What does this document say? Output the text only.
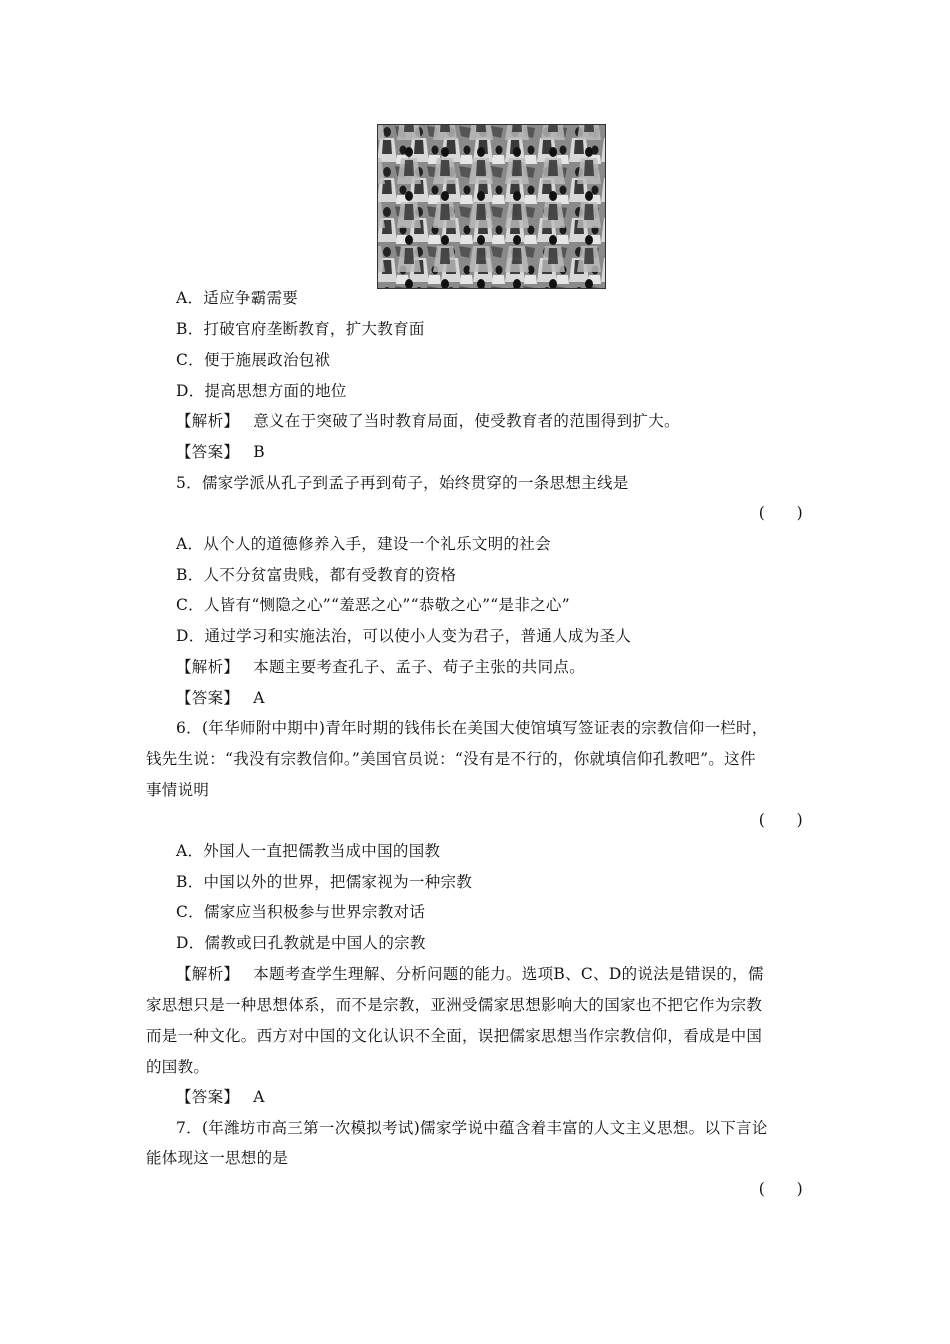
A．适应争霸需要
B．打破官府垄断教育，扩大教育面
C．便于施展政治包袱
D．提高思想方面的地位
【解析】 意义在于突破了当时教育局面，使受教育者的范围得到扩大。
【答案】 B
5．儒家学派从孔子到孟子再到荀子，始终贯穿的一条思想主线是
(　　)
A．从个人的道德修养入手，建设一个礼乐文明的社会
B．人不分贫富贵贱，都有受教育的资格
C．人皆有“恻隐之心”“羞恶之心”“恭敬之心”“是非之心”
D．通过学习和实施法治，可以使小人变为君子，普通人成为圣人
【解析】 本题主要考查孔子、孟子、荀子主张的共同点。
【答案】 A
6．(年华师附中期中)青年时期的钱伟长在美国大使馆填写签证表的宗教信仰一栏时，
钱先生说：“我没有宗教信仰。”美国官员说：“没有是不行的，你就填信仰孔教吧”。这件
事情说明
(　　)
A．外国人一直把儒教当成中国的国教
B．中国以外的世界，把儒家视为一种宗教
C．儒家应当积极参与世界宗教对话
D．儒教或曰孔教就是中国人的宗教
【解析】 本题考查学生理解、分析问题的能力。选项B、C、D的说法是错误的，儒
家思想只是一种思想体系，而不是宗教，亚洲受儒家思想影响大的国家也不把它作为宗教
而是一种文化。西方对中国的文化认识不全面，误把儒家思想当作宗教信仰，看成是中国
的国教。
【答案】 A
7．(年潍坊市高三第一次模拟考试)儒家学说中蕴含着丰富的人文主义思想。以下言论
能体现这一思想的是
(　　)
